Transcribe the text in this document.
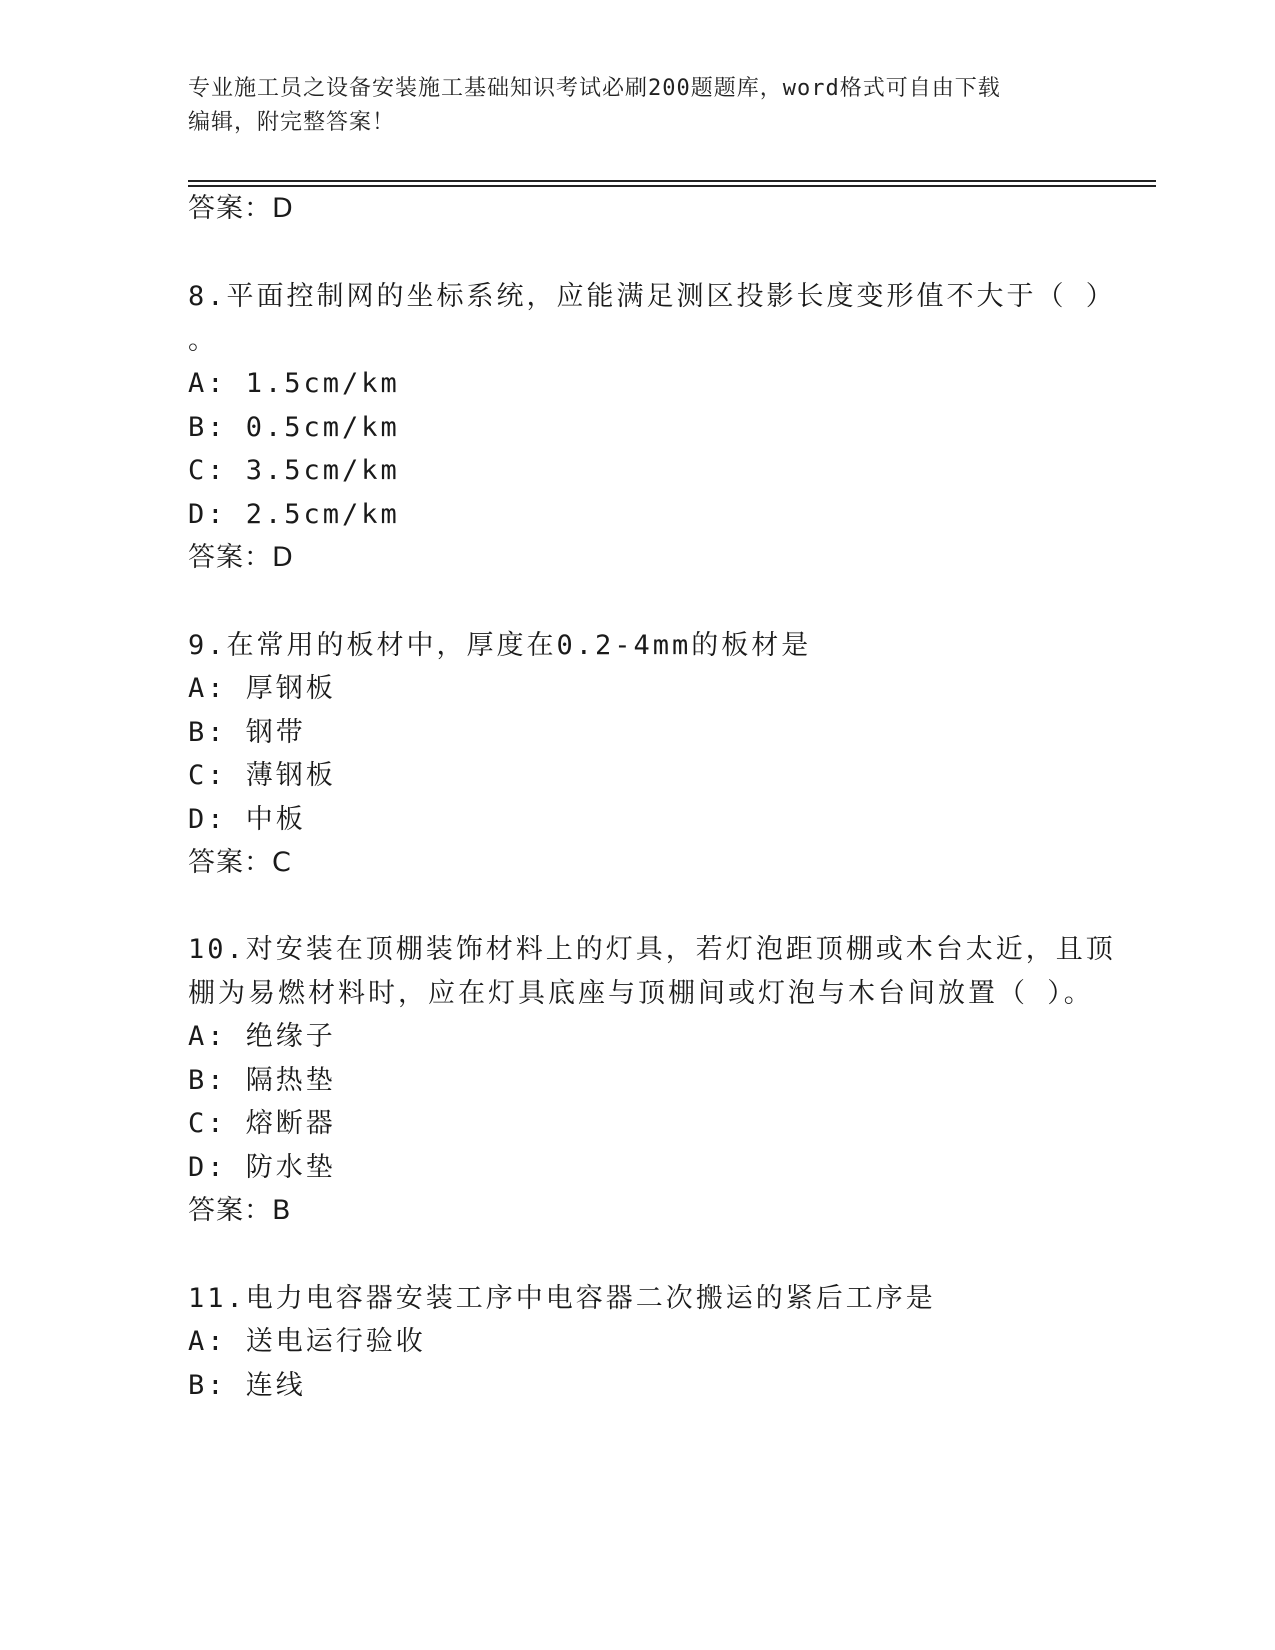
专业施工员之设备安装施工基础知识考试必刷200题题库，word格式可自由下载
编辑，附完整答案！
答案：D
8.平面控制网的坐标系统，应能满足测区投影长度变形值不大于（ ）
。
A: 1.5cm/km
B: 0.5cm/km
C: 3.5cm/km
D: 2.5cm/km
答案：D
9.在常用的板材中，厚度在0.2-4mm的板材是
A: 厚钢板
B: 钢带
C: 薄钢板
D: 中板
答案：C
10.对安装在顶棚装饰材料上的灯具，若灯泡距顶棚或木台太近，且顶
棚为易燃材料时，应在灯具底座与顶棚间或灯泡与木台间放置（ ）。
A: 绝缘子
B: 隔热垫
C: 熔断器
D: 防水垫
答案：B
11.电力电容器安装工序中电容器二次搬运的紧后工序是
A: 送电运行验收
B: 连线
